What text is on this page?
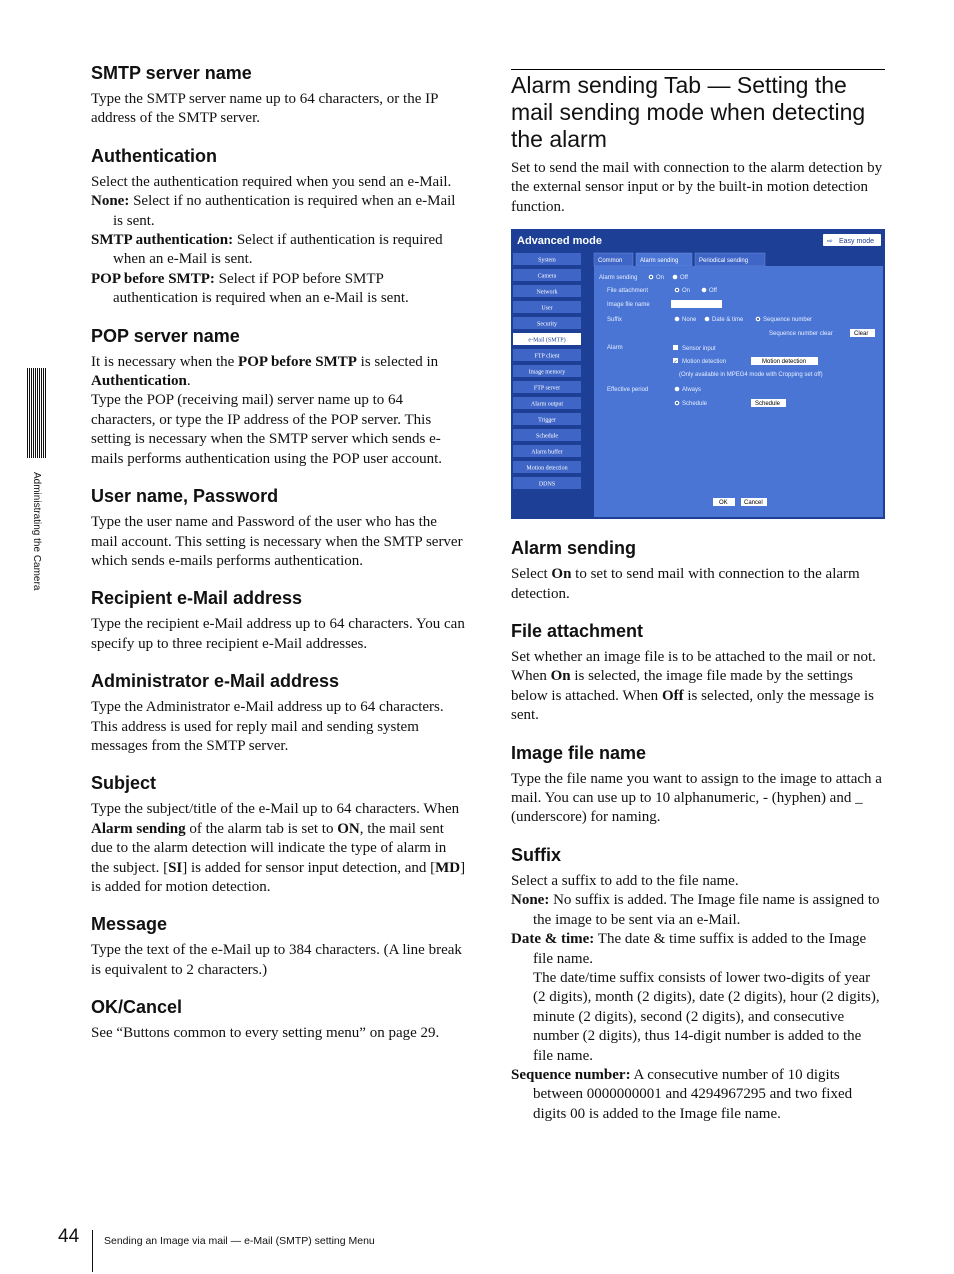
Administrating the Camera
SMTP server name

Type the SMTP server name up to 64 characters, or the IP address of the SMTP server.

Authentication

Select the authentication required when you send an e-Mail.

None: Select if no authentication is required when an e-Mail is sent.
SMTP authentication: Select if authentication is required when an e-Mail is sent.
POP before SMTP: Select if POP before SMTP authentication is required when an e-Mail is sent.
POP server name

It is necessary when the POP before SMTP is selected in Authentication.

Type the POP (receiving mail) server name up to 64 characters, or type the IP address of the POP server. This setting is necessary when the SMTP server which sends e-mails performs authentication using the POP user account.

User name, Password

Type the user name and Password of the user who has the mail account. This setting is necessary when the SMTP server which sends e-mails performs authentication.

Recipient e-Mail address

Type the recipient e-Mail address up to 64 characters. You can specify up to three recipient e-Mail addresses.

Administrator e-Mail address

Type the Administrator e-Mail address up to 64 characters.

This address is used for reply mail and sending system messages from the SMTP server.

Subject

Type the subject/title of the e-Mail up to 64 characters. When Alarm sending of the alarm tab is set to ON, the mail sent due to the alarm detection will indicate the type of alarm in the subject. [SI] is added for sensor input detection, and [MD] is added for motion detection.

Message

Type the text of the e-Mail up to 384 characters. (A line break is equivalent to 2 characters.)

OK/Cancel

See “Buttons common to every setting menu” on page 29.

Alarm sending Tab — Setting the mail sending mode when detecting the alarm

Set to send the mail with connection to the alarm detection by the external sensor input or by the built-in motion detection function.

Advanced mode	⇨ Easy mode
System
Camera
Network
User
Security
e-Mail (SMTP)
FTP client
Image memory
FTP server
Alarm output
Trigger
Schedule
Alarm buffer
Motion detection
DDNS
Common	Alarm sending	Periodical sending
Alarm sending	On	Off
File attachment	On	Off
Image file name
Suffix	None	Date & time	Sequence number
Sequence number clear	Clear
Alarm	Sensor input
✓ Motion detection	Motion detection
(Only available in MPEG4 mode with Cropping set off)
Effective period	Always
Schedule	Schedule
OK	Cancel
Alarm sending

Select On to set to send mail with connection to the alarm detection.

File attachment

Set whether an image file is to be attached to the mail or not.

When On is selected, the image file made by the settings below is attached. When Off is selected, only the message is sent.

Image file name

Type the file name you want to assign to the image to attach a mail. You can use up to 10 alphanumeric, - (hyphen) and _ (underscore) for naming.

Suffix

Select a suffix to add to the file name.

None: No suffix is added. The Image file name is assigned to the image to be sent via an e-Mail.
Date & time: The date & time suffix is added to the Image file name.
The date/time suffix consists of lower two-digits of year (2 digits), month (2 digits), date (2 digits), hour (2 digits), minute (2 digits), second (2 digits), and consecutive number (2 digits), thus 14-digit number is added to the file name.
Sequence number: A consecutive number of 10 digits between 0000000001 and 4294967295 and two fixed digits 00 is added to the Image file name.
44 Sending an Image via mail — e-Mail (SMTP) setting Menu
